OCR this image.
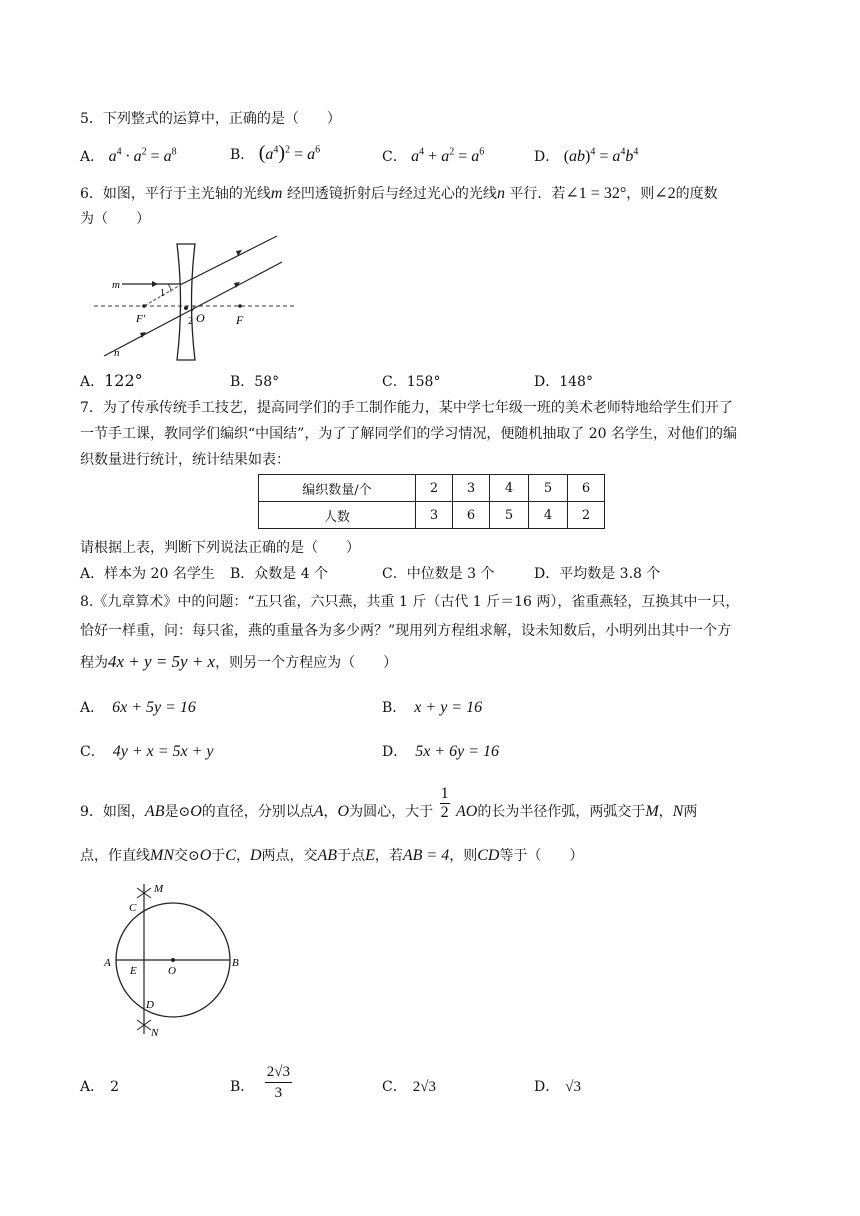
5．下列整式的运算中，正确的是（　　）
A． $a^4 \cdot a^2 = a^8$	B． $(a^4)^2 = a^6$	C． $a^4 + a^2 = a^6$	D． $(ab)^4 = a^4b^4$
6．如图，平行于主光轴的光线m 经凹透镜折射后与经过光心的光线n 平行．若∠1 = 32°，则∠2的度数
为（　　）
m
n
1
2 O
F′	F
A．122°	B．58°	C．158°	D．148°
7．为了传承传统手工技艺，提高同学们的手工制作能力，某中学七年级一班的美术老师特地给学生们开了
一节手工课，教同学们编织“中国结”，为了了解同学们的学习情况，便随机抽取了 20 名学生，对他们的编
织数量进行统计，统计结果如表：
编织数量/个	2	3	4	5	6
人数	3	6	5	4	2
请根据上表，判断下列说法正确的是（　　）
A．样本为 20 名学生 B．众数是 4 个	C．中位数是 3 个	D．平均数是 3.8 个
8.《九章算术》中的问题：“五只雀，六只燕，共重 1 斤（古代 1 斤＝16 两），雀重燕轻，互换其中一只，
恰好一样重，问：每只雀，燕的重量各为多少两？”现用列方程组求解，设未知数后，小明列出其中一个方
程为4x + y = 5y + x，则另一个方程应为（　　）
A． 6x + 5y = 16	B． x + y = 16
C． 4y + x = 5x + y	D． 5x + 6y = 16
9．如图，AB是⊙O的直径，分别以点A，O为圆心，大于 $\frac{1}{2}$ AO的长为半径作弧，两弧交于M，N两
点，作直线MN交⊙O于C，D两点，交AB于点E，若AB = 4，则CD等于（　　）
M
C
A
E	O
B
D
N
A． 2	B． $\frac{2√3}{3}$	C． 2√3	D． √3
